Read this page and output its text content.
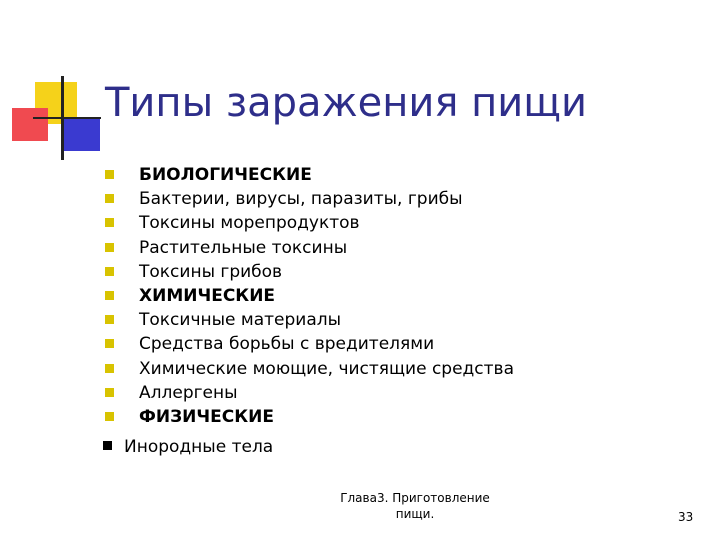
Типы заражения пищи
БИОЛОГИЧЕСКИЕ
Бактерии, вирусы, паразиты, грибы
Токсины морепродуктов
Растительные токсины
Токсины грибов
ХИМИЧЕСКИЕ
Токсичные материалы
Средства борьбы с вредителями
Химические моющие, чистящие средства
Аллергены
ФИЗИЧЕСКИЕ
Инородные тела
Глава3. Приготовление
пищи.	33
